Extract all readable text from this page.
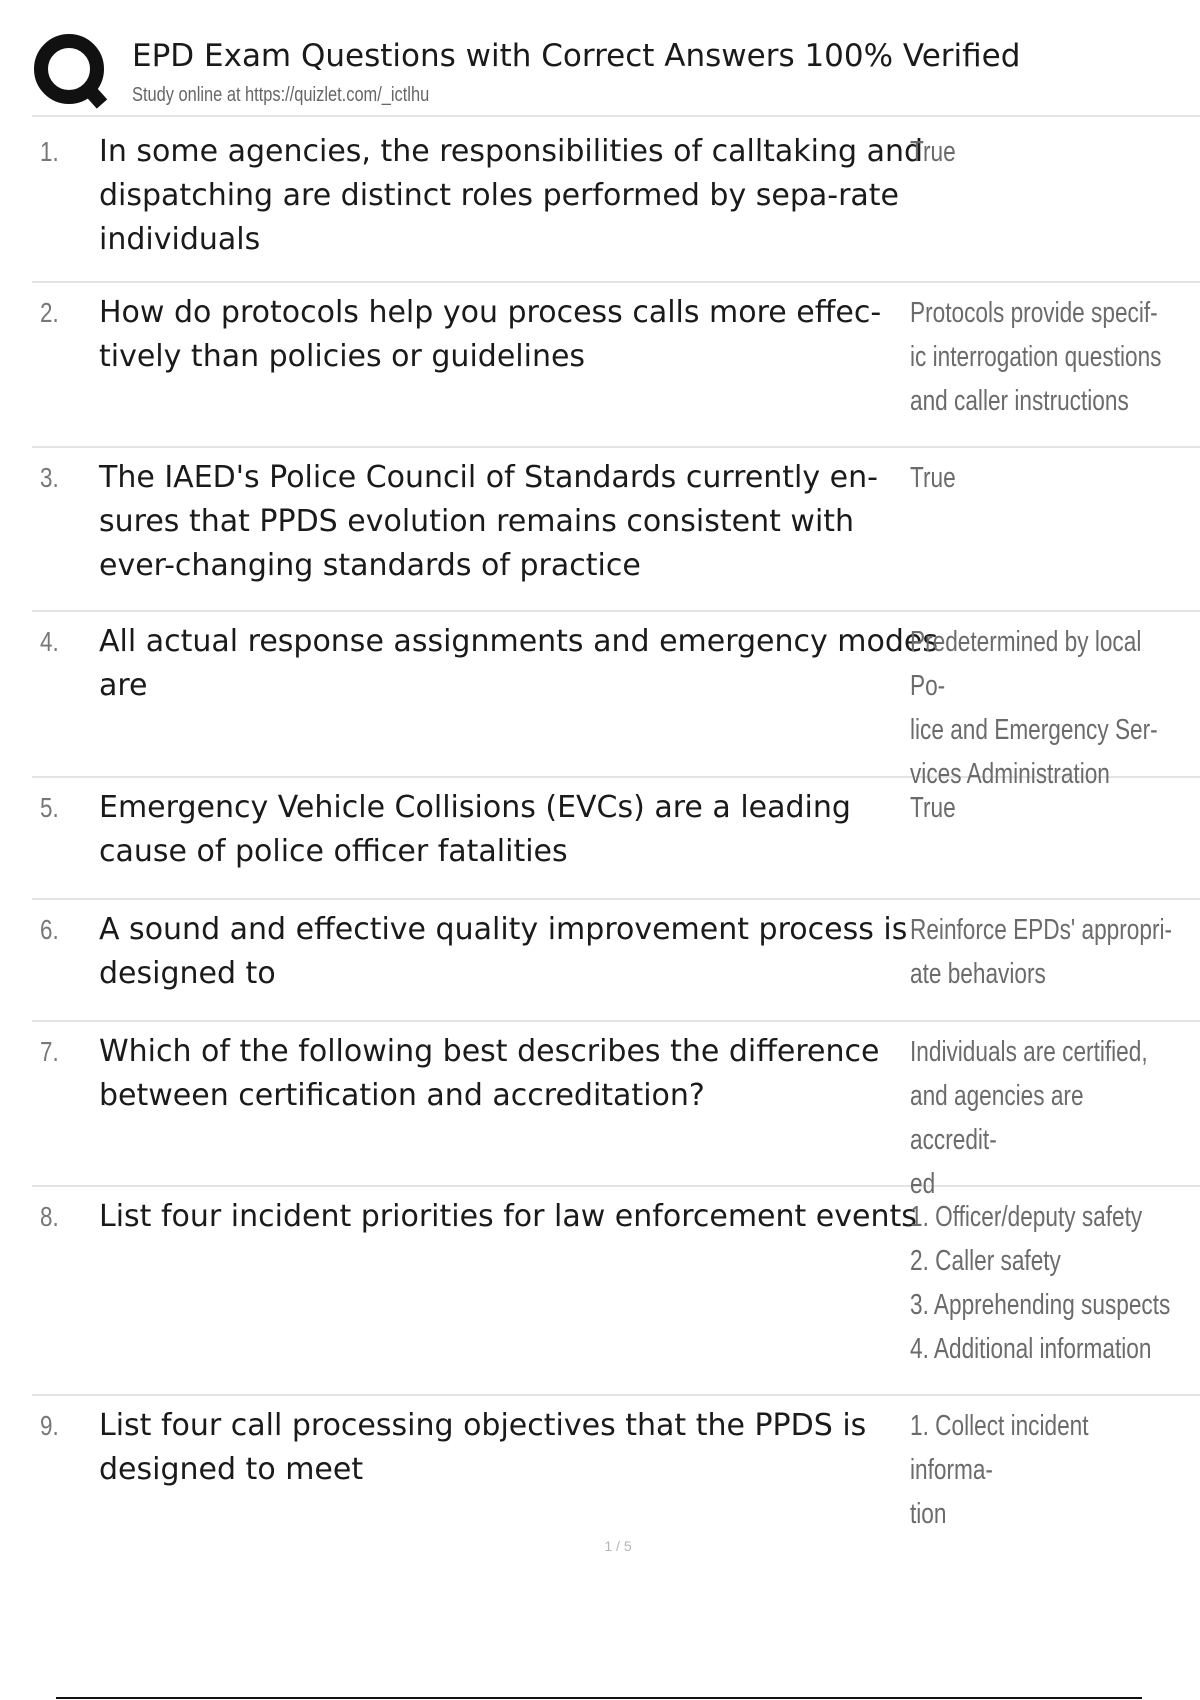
EPD Exam Questions with Correct Answers 100% Verified
Study online at https://quizlet.com/_ictlhu
1. In some agencies, the responsibilities of calltaking and dispatching are distinct roles performed by sepa-rate individuals
True
2. How do protocols help you process calls more effec-tively than policies or guidelines
Protocols provide specif-
ic interrogation questions
and caller instructions
3. The IAED's Police Council of Standards currently en-sures that PPDS evolution remains consistent with ever-changing standards of practice
True
4. All actual response assignments and emergency modes are
Predetermined by local Po-
lice and Emergency Ser-
vices Administration
5. Emergency Vehicle Collisions (EVCs) are a leading cause of police officer fatalities
True
6. A sound and effective quality improvement process is designed to
Reinforce EPDs' appropri-
ate behaviors
7. Which of the following best describes the difference between certification and accreditation?
Individuals are certified,
and agencies are accredit-
ed
8. List four incident priorities for law enforcement events
1. Officer/deputy safety
2. Caller safety
3. Apprehending suspects
4. Additional information
9. List four call processing objectives that the PPDS is designed to meet
1. Collect incident informa-
tion
1 / 5
